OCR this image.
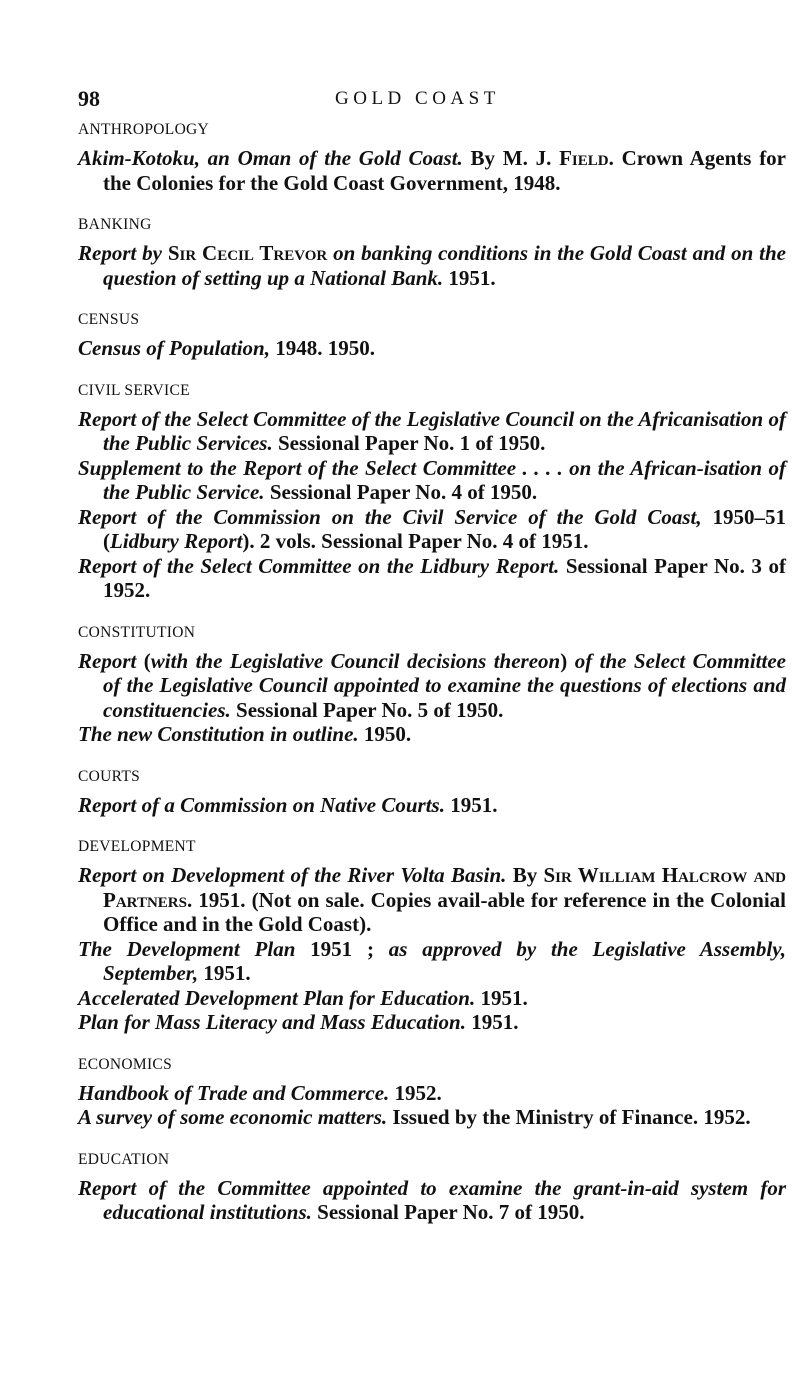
98	GOLD COAST
ANTHROPOLOGY

Akim-Kotoku, an Oman of the Gold Coast. By M. J. Field. Crown Agents for the Colonies for the Gold Coast Government, 1948.

BANKING

Report by Sir Cecil Trevor on banking conditions in the Gold Coast and on the question of setting up a National Bank. 1951.

CENSUS

Census of Population, 1948. 1950.

CIVIL SERVICE

Report of the Select Committee of the Legislative Council on the Africanisation of the Public Services. Sessional Paper No. 1 of 1950.

Supplement to the Report of the Select Committee . . . . on the African-isation of the Public Service. Sessional Paper No. 4 of 1950.

Report of the Commission on the Civil Service of the Gold Coast, 1950–51 (Lidbury Report). 2 vols. Sessional Paper No. 4 of 1951.

Report of the Select Committee on the Lidbury Report. Sessional Paper No. 3 of 1952.

CONSTITUTION

Report (with the Legislative Council decisions thereon) of the Select Committee of the Legislative Council appointed to examine the questions of elections and constituencies. Sessional Paper No. 5 of 1950.

The new Constitution in outline. 1950.

COURTS

Report of a Commission on Native Courts. 1951.

DEVELOPMENT

Report on Development of the River Volta Basin. By Sir William Halcrow and Partners. 1951. (Not on sale. Copies avail-able for reference in the Colonial Office and in the Gold Coast).

The Development Plan 1951 ; as approved by the Legislative Assembly, September, 1951.

Accelerated Development Plan for Education. 1951.

Plan for Mass Literacy and Mass Education. 1951.

ECONOMICS

Handbook of Trade and Commerce. 1952.

A survey of some economic matters. Issued by the Ministry of Finance. 1952.

EDUCATION

Report of the Committee appointed to examine the grant-in-aid system for educational institutions. Sessional Paper No. 7 of 1950.
